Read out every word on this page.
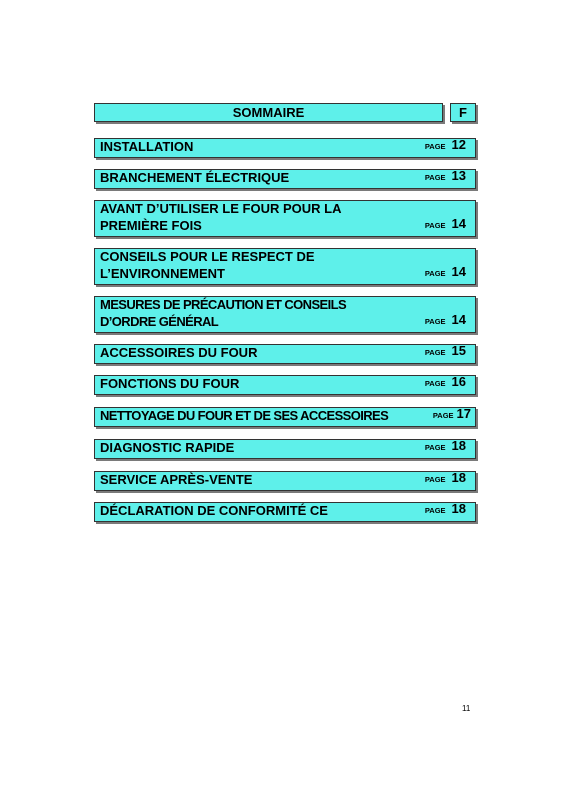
SOMMAIRE	F
INSTALLATION	PAGE 12
BRANCHEMENT ÉLECTRIQUE	PAGE 13
AVANT D’UTILISER LE FOUR POUR LA
PREMIÈRE FOIS	PAGE 14
CONSEILS POUR LE RESPECT DE
L’ENVIRONNEMENT	PAGE 14
MESURES DE PRÉCAUTION ET CONSEILS
D’ORDRE GÉNÉRAL	PAGE 14
ACCESSOIRES DU FOUR	PAGE 15
FONCTIONS DU FOUR	PAGE 16
NETTOYAGE DU FOUR ET DE SES ACCESSOIRES	PAGE 17
DIAGNOSTIC RAPIDE	PAGE 18
SERVICE APRÈS-VENTE	PAGE 18
DÉCLARATION DE CONFORMITÉ CE	PAGE 18
11
